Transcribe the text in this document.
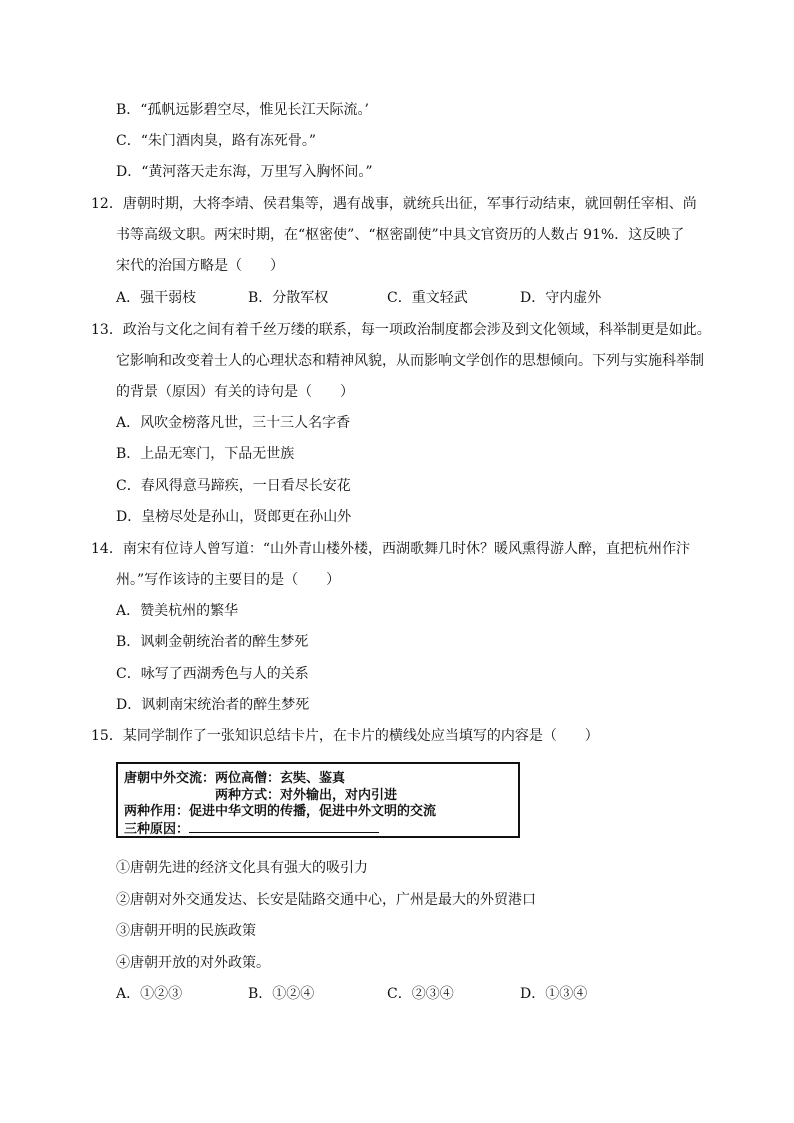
B．“孤帆远影碧空尽，惟见长江天际流。’
C．“朱门酒肉臭，路有冻死骨。”
D．“黄河落天走东海，万里写入胸怀间。”
12．唐朝时期，大将李靖、侯君集等，遇有战事，就统兵出征，军事行动结束，就回朝任宰相、尚
书等高级文职。两宋时期，在“枢密使”、“枢密副使”中具文官资历的人数占 91%．这反映了
宋代的治国方略是（　　）
A．强干弱枝	B．分散军权	C．重文轻武	D．守内虚外
13．政治与文化之间有着千丝万缕的联系，每一项政治制度都会涉及到文化领域，科举制更是如此。
它影响和改变着士人的心理状态和精神风貌，从而影响文学创作的思想倾向。下列与实施科举制
的背景（原因）有关的诗句是（　　）
A．风吹金榜落凡世，三十三人名字香
B．上品无寒门，下品无世族
C．春风得意马蹄疾，一日看尽长安花
D．皇榜尽处是孙山，贤郎更在孙山外
14．南宋有位诗人曾写道：“山外青山楼外楼，西湖歌舞几时休？暖风熏得游人醉，直把杭州作汴
州。”写作该诗的主要目的是（　　）
A．赞美杭州的繁华
B．讽刺金朝统治者的醉生梦死
C．咏写了西湖秀色与人的关系
D．讽刺南宋统治者的醉生梦死
15．某同学制作了一张知识总结卡片，在卡片的横线处应当填写的内容是（　　）
唐朝中外交流：两位高僧：玄奘、鉴真
两种方式：对外输出，对内引进
两种作用：促进中华文明的传播，促进中外文明的交流
三种原因：
①唐朝先进的经济文化具有强大的吸引力
②唐朝对外交通发达、长安是陆路交通中心，广州是最大的外贸港口
③唐朝开明的民族政策
④唐朝开放的对外政策。
A．①②③	B．①②④	C．②③④	D．①③④
